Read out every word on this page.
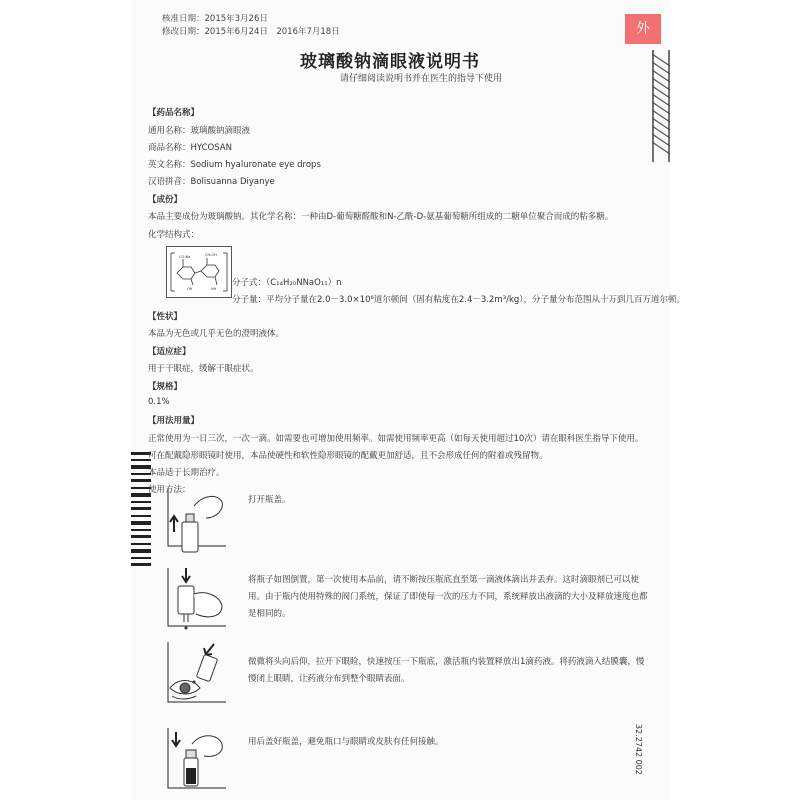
核准日期：2015年3月26日
修改日期：2015年6月24日　2016年7月18日	外
玻璃酸钠滴眼液说明书
请仔细阅读说明书并在医生的指导下使用
32.2742 002
【药品名称】
通用名称：玻璃酸钠滴眼液
商品名称：HYCOSAN
英文名称：Sodium hyaluronate eye drops
汉语拼音：Bolisuanna Diyanye
【成份】
本品主要成份为玻璃酸钠。其化学名称：一种由D-葡萄糖醛酸和N-乙酰-D-氨基葡萄糖所组成的二糖单位聚合而成的粘多糖。
化学结构式：
CO₂Na	CH₂OH
OH	NH
分子式：（C₁₄H₂₀NNaO₁₁）n
分子量：平均分子量在2.0－3.0×10⁶道尔顿间（固有粘度在2.4－3.2m³/kg），分子量分布范围从十万到几百万道尔顿。
【性状】
本品为无色或几乎无色的澄明液体。
【适应症】
用于干眼症，缓解干眼症状。
【规格】
0.1%
【用法用量】
正常使用为一日三次，一次一滴。如需要也可增加使用频率。如需使用频率更高（如每天使用超过10次）请在眼科医生指导下使用。
可在配戴隐形眼镜时使用，本品使硬性和软性隐形眼镜的配戴更加舒适，且不会形成任何的附着或残留物。
本品适于长期治疗。
使用方法：
打开瓶盖。
将瓶子如图倒置，第一次使用本品前，请不断按压瓶底直至第一滴液体滴出并丢弃。这时滴眼剂已可以使用。由于瓶内使用特殊的阀门系统，保证了即使每一次的压力不同，系统释放出液滴的大小及释放速度也都是相同的。
微微将头向后仰，拉开下眼睑，快速按压一下瓶底，激活瓶内装置释放出1滴药液。将药液滴入结膜囊，慢慢闭上眼睛，让药液分布到整个眼睛表面。
用后盖好瓶盖，避免瓶口与眼睛或皮肤有任何接触。
